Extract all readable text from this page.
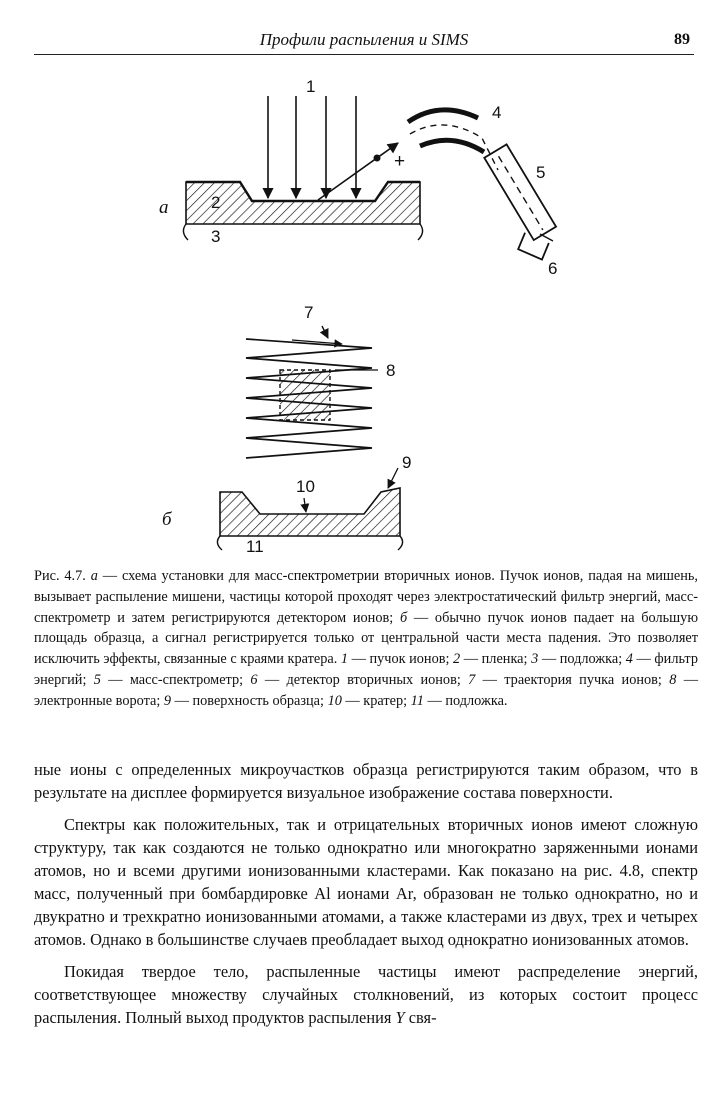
Профили распыления и SIMS	89
1
2
3
4
5
6
7
8
9
10
11
+
а
б
Рис. 4.7. а — схема установки для масс-спектрометрии вторичных ионов. Пучок ионов, падая на мишень, вызывает распыление мишени, частицы которой проходят через электростатический фильтр энергий, масс-спектрометр и затем регистрируются детектором ионов; б — обычно пучок ионов падает на большую площадь образца, а сигнал регистрируется только от центральной части места падения. Это позволяет исключить эффекты, связанные с краями кратера. 1 — пучок ионов; 2 — пленка; 3 — подложка; 4 — фильтр энергий; 5 — масс-спектрометр; 6 — детектор вторичных ионов; 7 — траектория пучка ионов; 8 — электронные ворота; 9 — поверхность образца; 10 — кратер; 11 — подложка.

ные ионы с определенных микроучастков образца регистрируются таким образом, что в результате на дисплее формируется визуальное изображение состава поверхности.

Спектры как положительных, так и отрицательных вторичных ионов имеют сложную структуру, так как создаются не только однократно или многократно заряженными ионами атомов, но и всеми другими ионизованными кластерами. Как показано на рис. 4.8, спектр масс, полученный при бомбардировке Al ионами Ar, образован не только однократно, но и двукратно и трехкратно ионизованными атомами, а также кластерами из двух, трех и четырех атомов. Однако в большинстве случаев преобладает выход однократно ионизованных атомов.

Покидая твердое тело, распыленные частицы имеют распределение энергий, соответствующее множеству случайных столкновений, из которых состоит процесс распыления. Полный выход продуктов распыления Y свя-
